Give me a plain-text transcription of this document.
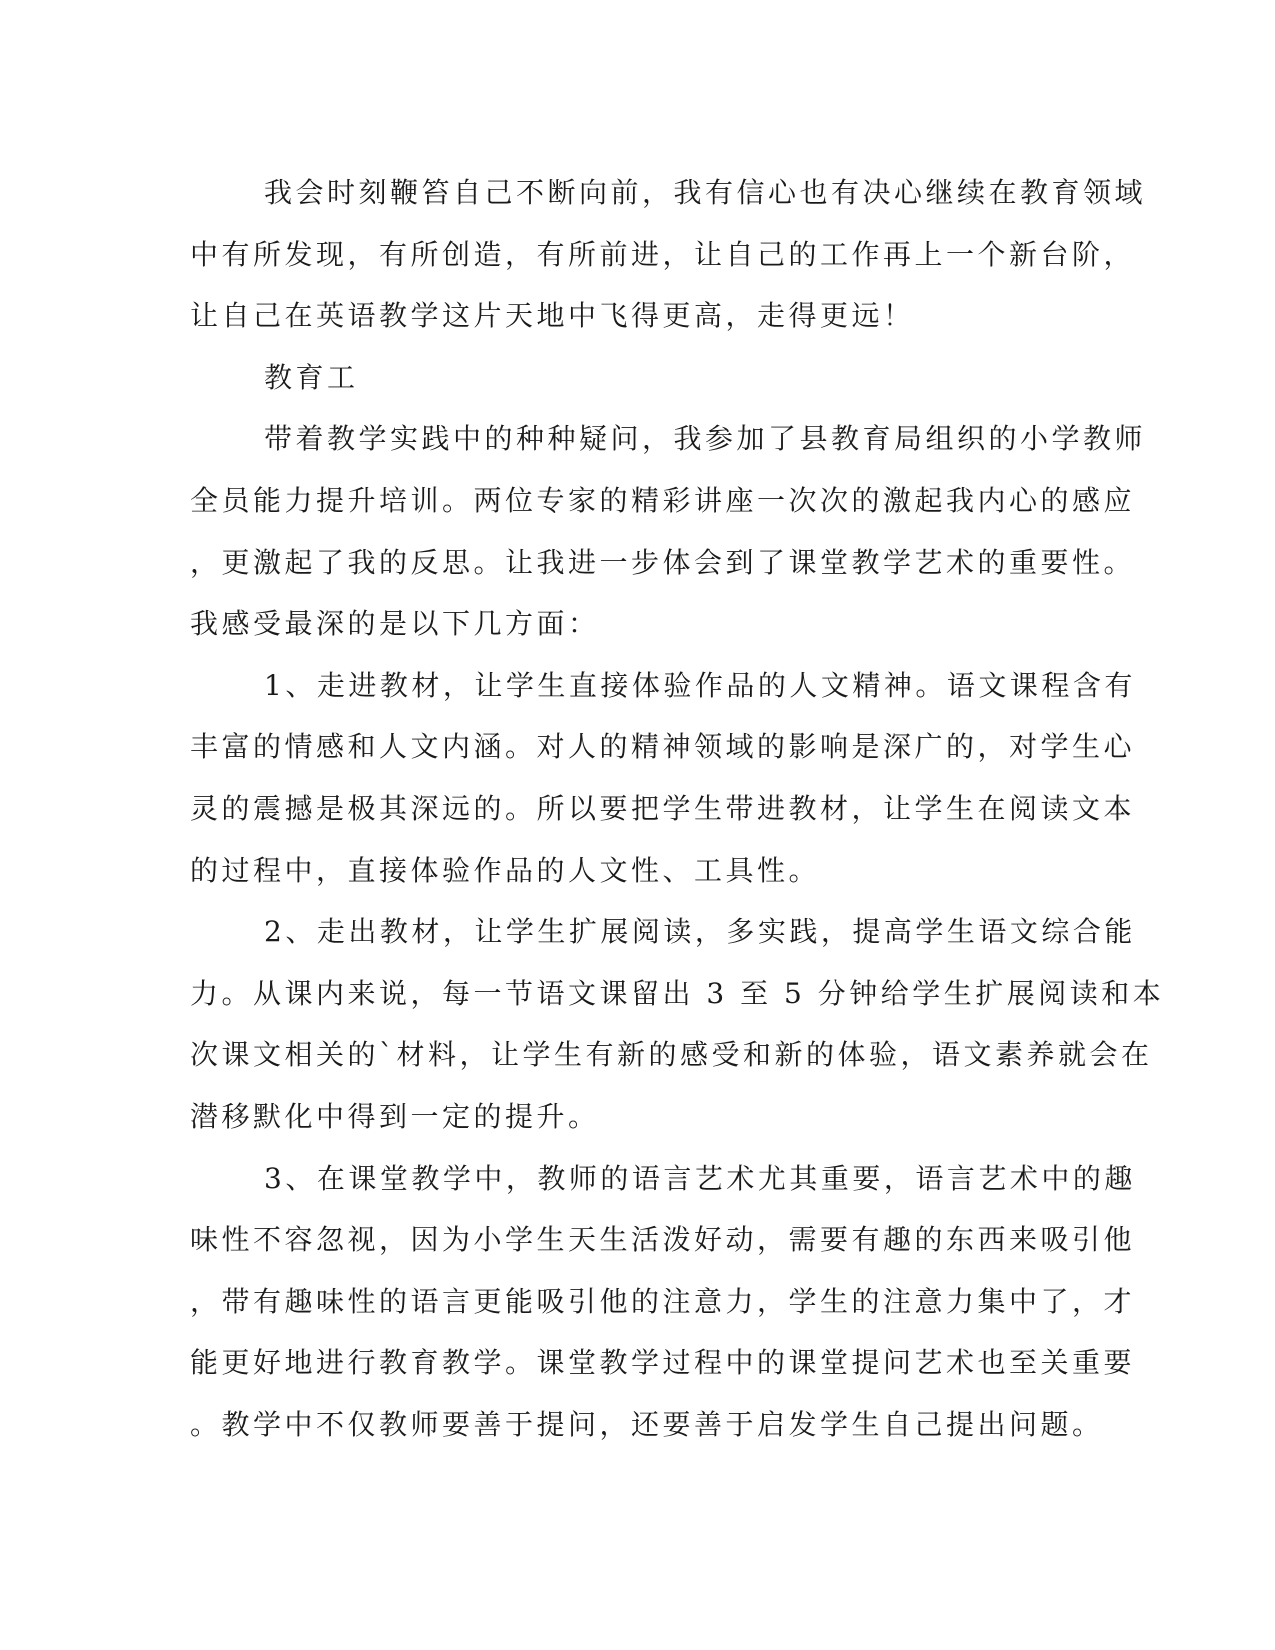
我会时刻鞭笞自己不断向前，我有信心也有决心继续在教育领域
中有所发现，有所创造，有所前进，让自己的工作再上一个新台阶，
让自己在英语教学这片天地中飞得更高，走得更远！
教育工
带着教学实践中的种种疑问，我参加了县教育局组织的小学教师
全员能力提升培训。两位专家的精彩讲座一次次的激起我内心的感应
，更激起了我的反思。让我进一步体会到了课堂教学艺术的重要性。
我感受最深的是以下几方面：
1、走进教材，让学生直接体验作品的人文精神。语文课程含有
丰富的情感和人文内涵。对人的精神领域的影响是深广的，对学生心
灵的震撼是极其深远的。所以要把学生带进教材，让学生在阅读文本
的过程中，直接体验作品的人文性、工具性。
2、走出教材，让学生扩展阅读，多实践，提高学生语文综合能
力。从课内来说，每一节语文课留出 3 至 5 分钟给学生扩展阅读和本
次课文相关的`材料，让学生有新的感受和新的体验，语文素养就会在
潜移默化中得到一定的提升。
3、在课堂教学中，教师的语言艺术尤其重要，语言艺术中的趣
味性不容忽视，因为小学生天生活泼好动，需要有趣的东西来吸引他
，带有趣味性的语言更能吸引他的注意力，学生的注意力集中了，才
能更好地进行教育教学。课堂教学过程中的课堂提问艺术也至关重要
。教学中不仅教师要善于提问，还要善于启发学生自己提出问题。
